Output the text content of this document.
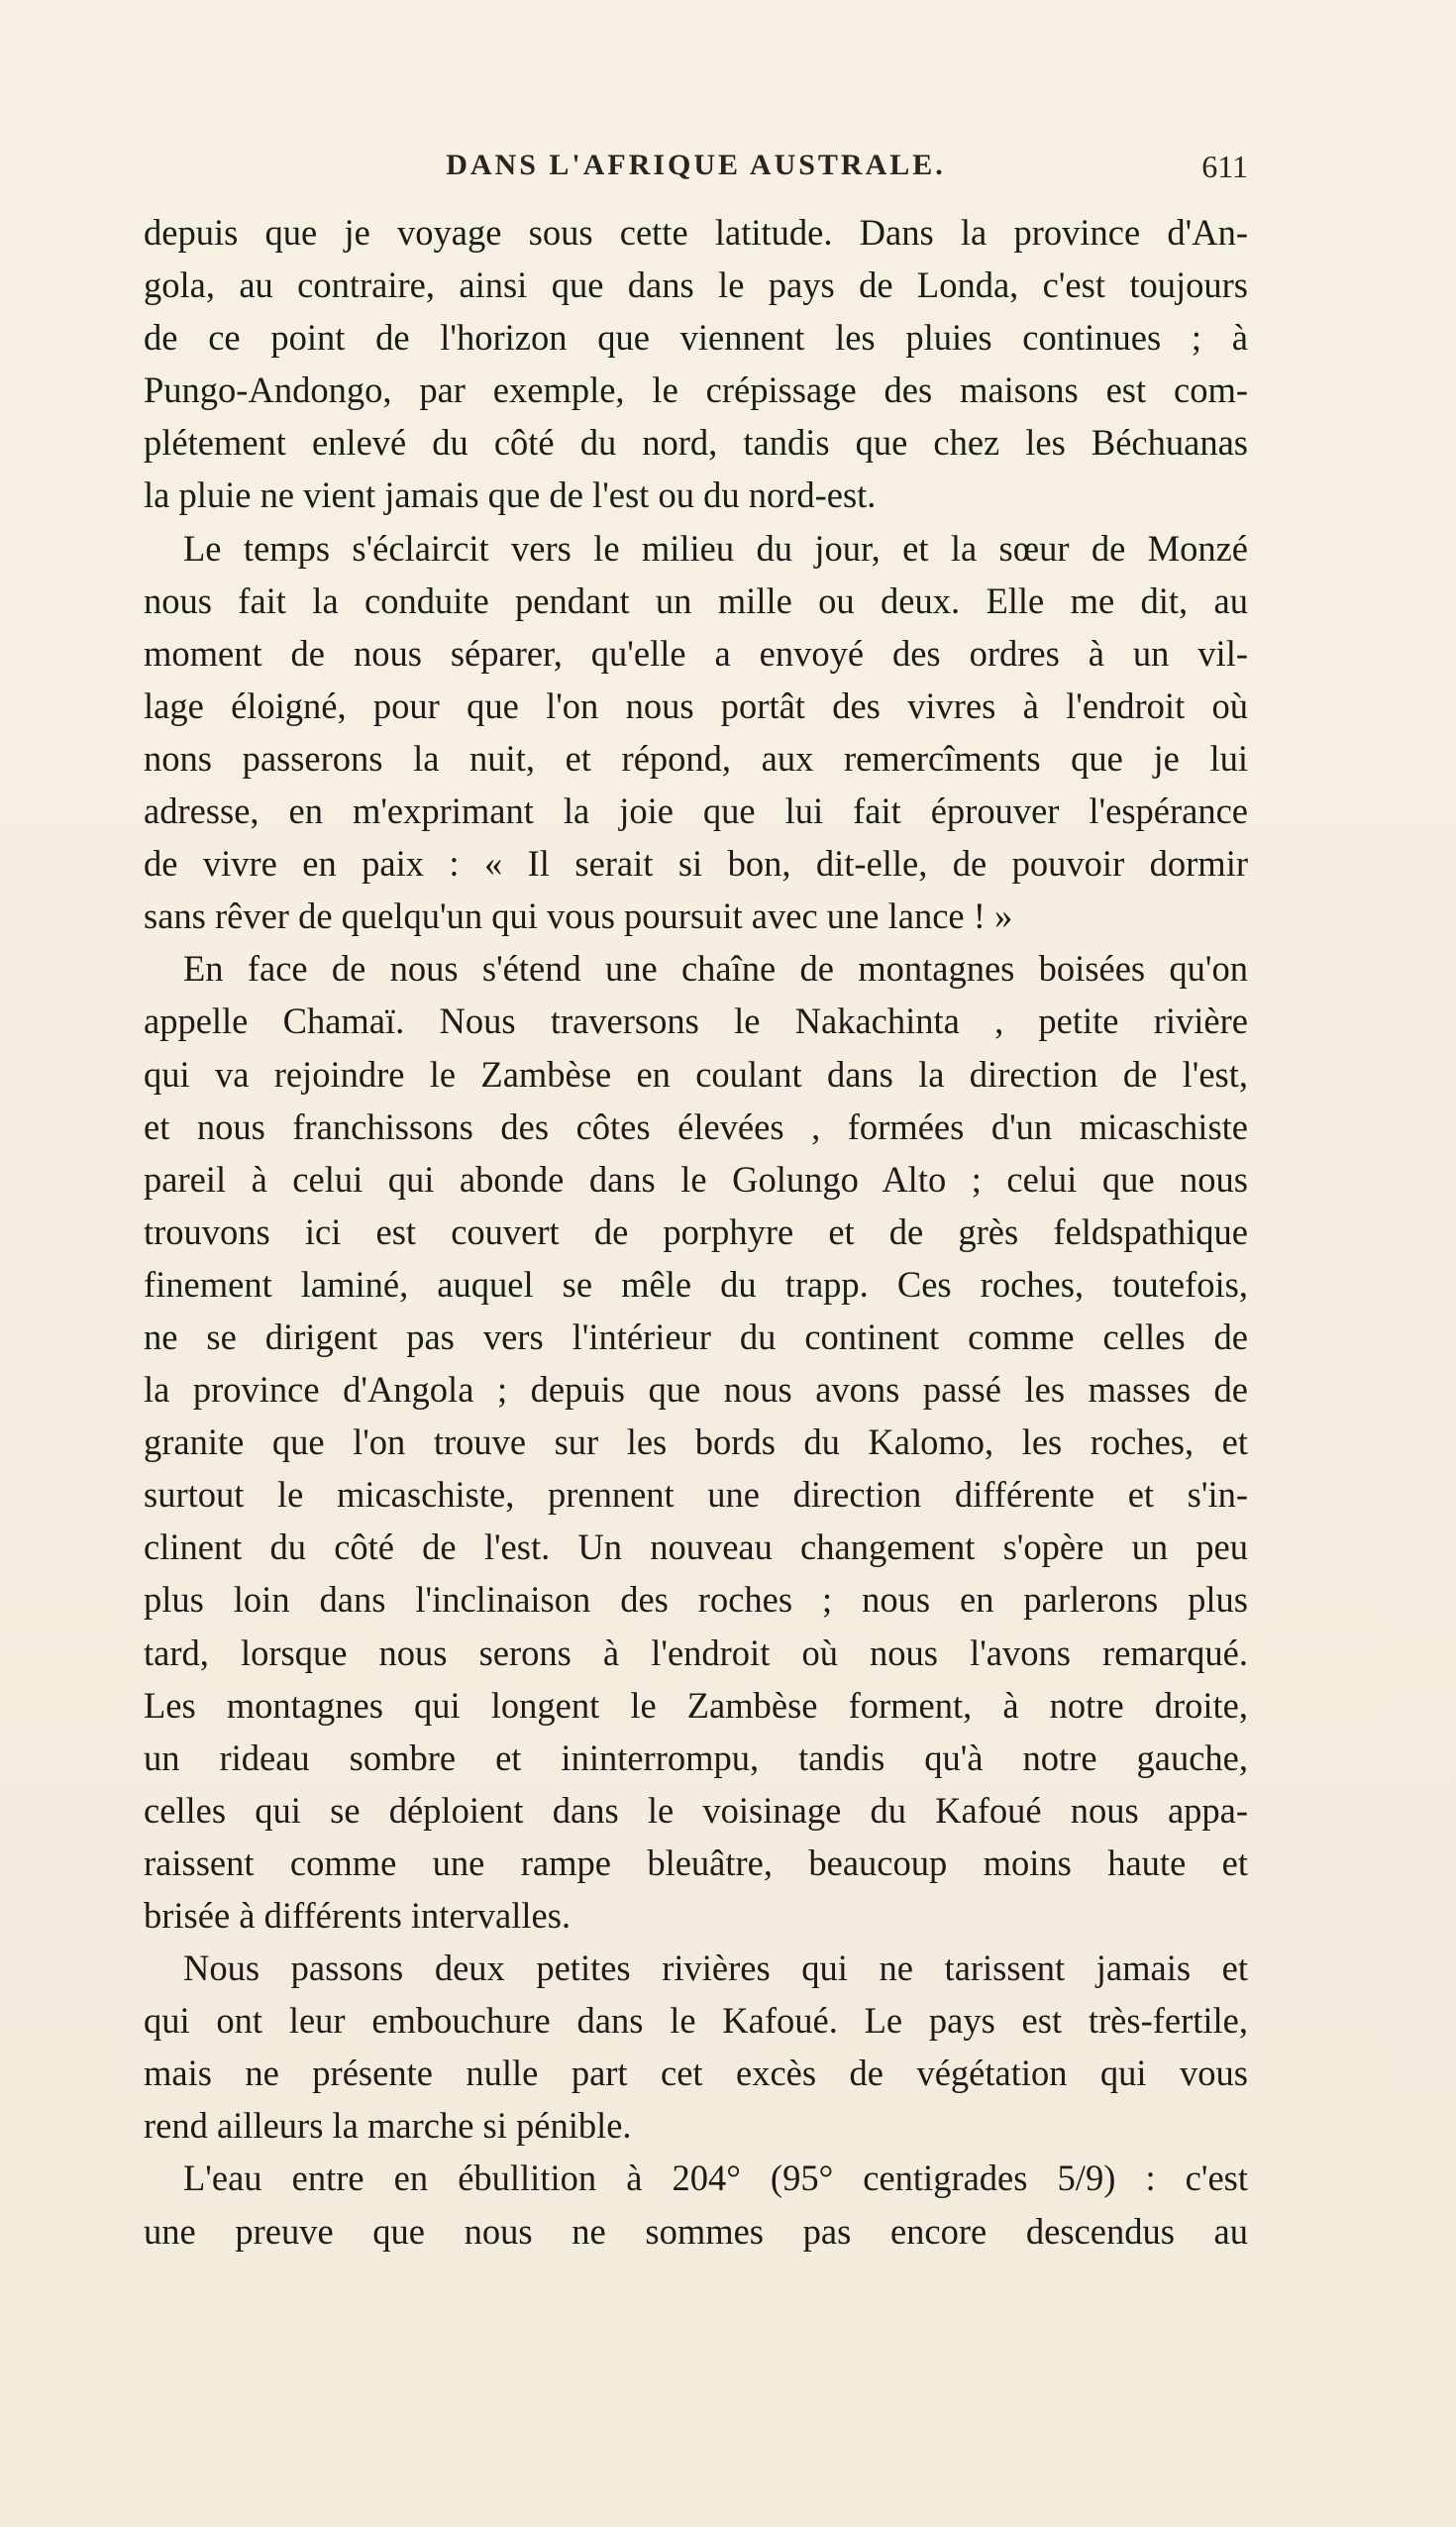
DANS L'AFRIQUE AUSTRALE.	611
depuis que je voyage sous cette latitude. Dans la province d'An-
gola, au contraire, ainsi que dans le pays de Londa, c'est toujours
de ce point de l'horizon que viennent les pluies continues ; à
Pungo-Andongo, par exemple, le crépissage des maisons est com-
plétement enlevé du côté du nord, tandis que chez les Béchuanas
la pluie ne vient jamais que de l'est ou du nord-est.
Le temps s'éclaircit vers le milieu du jour, et la sœur de Monzé
nous fait la conduite pendant un mille ou deux. Elle me dit, au
moment de nous séparer, qu'elle a envoyé des ordres à un vil-
lage éloigné, pour que l'on nous portât des vivres à l'endroit où
nons passerons la nuit, et répond, aux remercîments que je lui
adresse, en m'exprimant la joie que lui fait éprouver l'espérance
de vivre en paix : « Il serait si bon, dit-elle, de pouvoir dormir
sans rêver de quelqu'un qui vous poursuit avec une lance ! »
En face de nous s'étend une chaîne de montagnes boisées qu'on
appelle Chamaï. Nous traversons le Nakachinta , petite rivière
qui va rejoindre le Zambèse en coulant dans la direction de l'est,
et nous franchissons des côtes élevées , formées d'un micaschiste
pareil à celui qui abonde dans le Golungo Alto ; celui que nous
trouvons ici est couvert de porphyre et de grès feldspathique
finement laminé, auquel se mêle du trapp. Ces roches, toutefois,
ne se dirigent pas vers l'intérieur du continent comme celles de
la province d'Angola ; depuis que nous avons passé les masses de
granite que l'on trouve sur les bords du Kalomo, les roches, et
surtout le micaschiste, prennent une direction différente et s'in-
clinent du côté de l'est. Un nouveau changement s'opère un peu
plus loin dans l'inclinaison des roches ; nous en parlerons plus
tard, lorsque nous serons à l'endroit où nous l'avons remarqué.
Les montagnes qui longent le Zambèse forment, à notre droite,
un rideau sombre et ininterrompu, tandis qu'à notre gauche,
celles qui se déploient dans le voisinage du Kafoué nous appa-
raissent comme une rampe bleuâtre, beaucoup moins haute et
brisée à différents intervalles.
Nous passons deux petites rivières qui ne tarissent jamais et
qui ont leur embouchure dans le Kafoué. Le pays est très-fertile,
mais ne présente nulle part cet excès de végétation qui vous
rend ailleurs la marche si pénible.
L'eau entre en ébullition à 204° (95° centigrades 5/9) : c'est
une preuve que nous ne sommes pas encore descendus au
